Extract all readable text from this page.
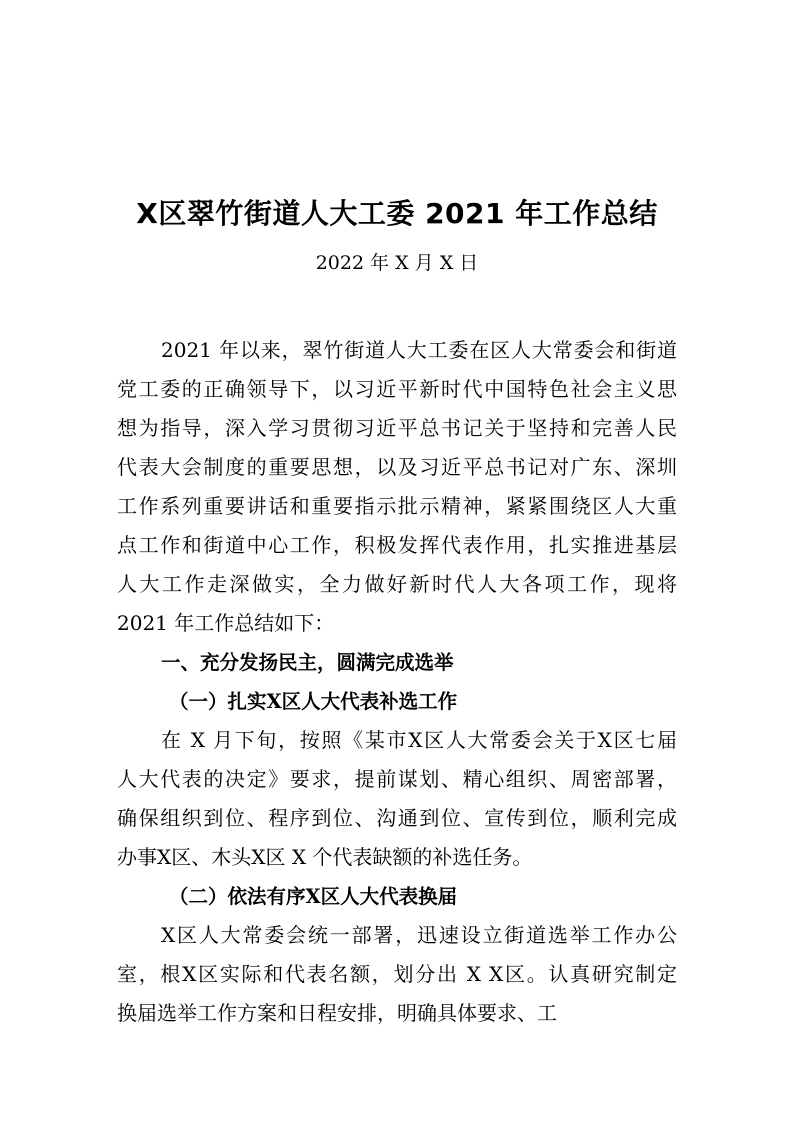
X区翠竹街道人大工委 2021 年工作总结
2022 年 X 月 X 日
2021 年以来，翠竹街道人大工委在区人大常委会和街道
党工委的正确领导下，以习近平新时代中国特色社会主义思
想为指导，深入学习贯彻习近平总书记关于坚持和完善人民
代表大会制度的重要思想，以及习近平总书记对广东、深圳
工作系列重要讲话和重要指示批示精神，紧紧围绕区人大重
点工作和街道中心工作，积极发挥代表作用，扎实推进基层
人大工作走深做实，全力做好新时代人大各项工作，现将
2021 年工作总结如下：
一、充分发扬民主，圆满完成选举
（一）扎实X区人大代表补选工作
在 X 月下旬，按照《某市X区人大常委会关于X区七届
人大代表的决定》要求，提前谋划、精心组织、周密部署，
确保组织到位、程序到位、沟通到位、宣传到位，顺利完成
办事X区、木头X区 X 个代表缺额的补选任务。
（二）依法有序X区人大代表换届
X区人大常委会统一部署，迅速设立街道选举工作办公
室，根X区实际和代表名额，划分出 X X区。认真研究制定
换届选举工作方案和日程安排，明确具体要求、工
